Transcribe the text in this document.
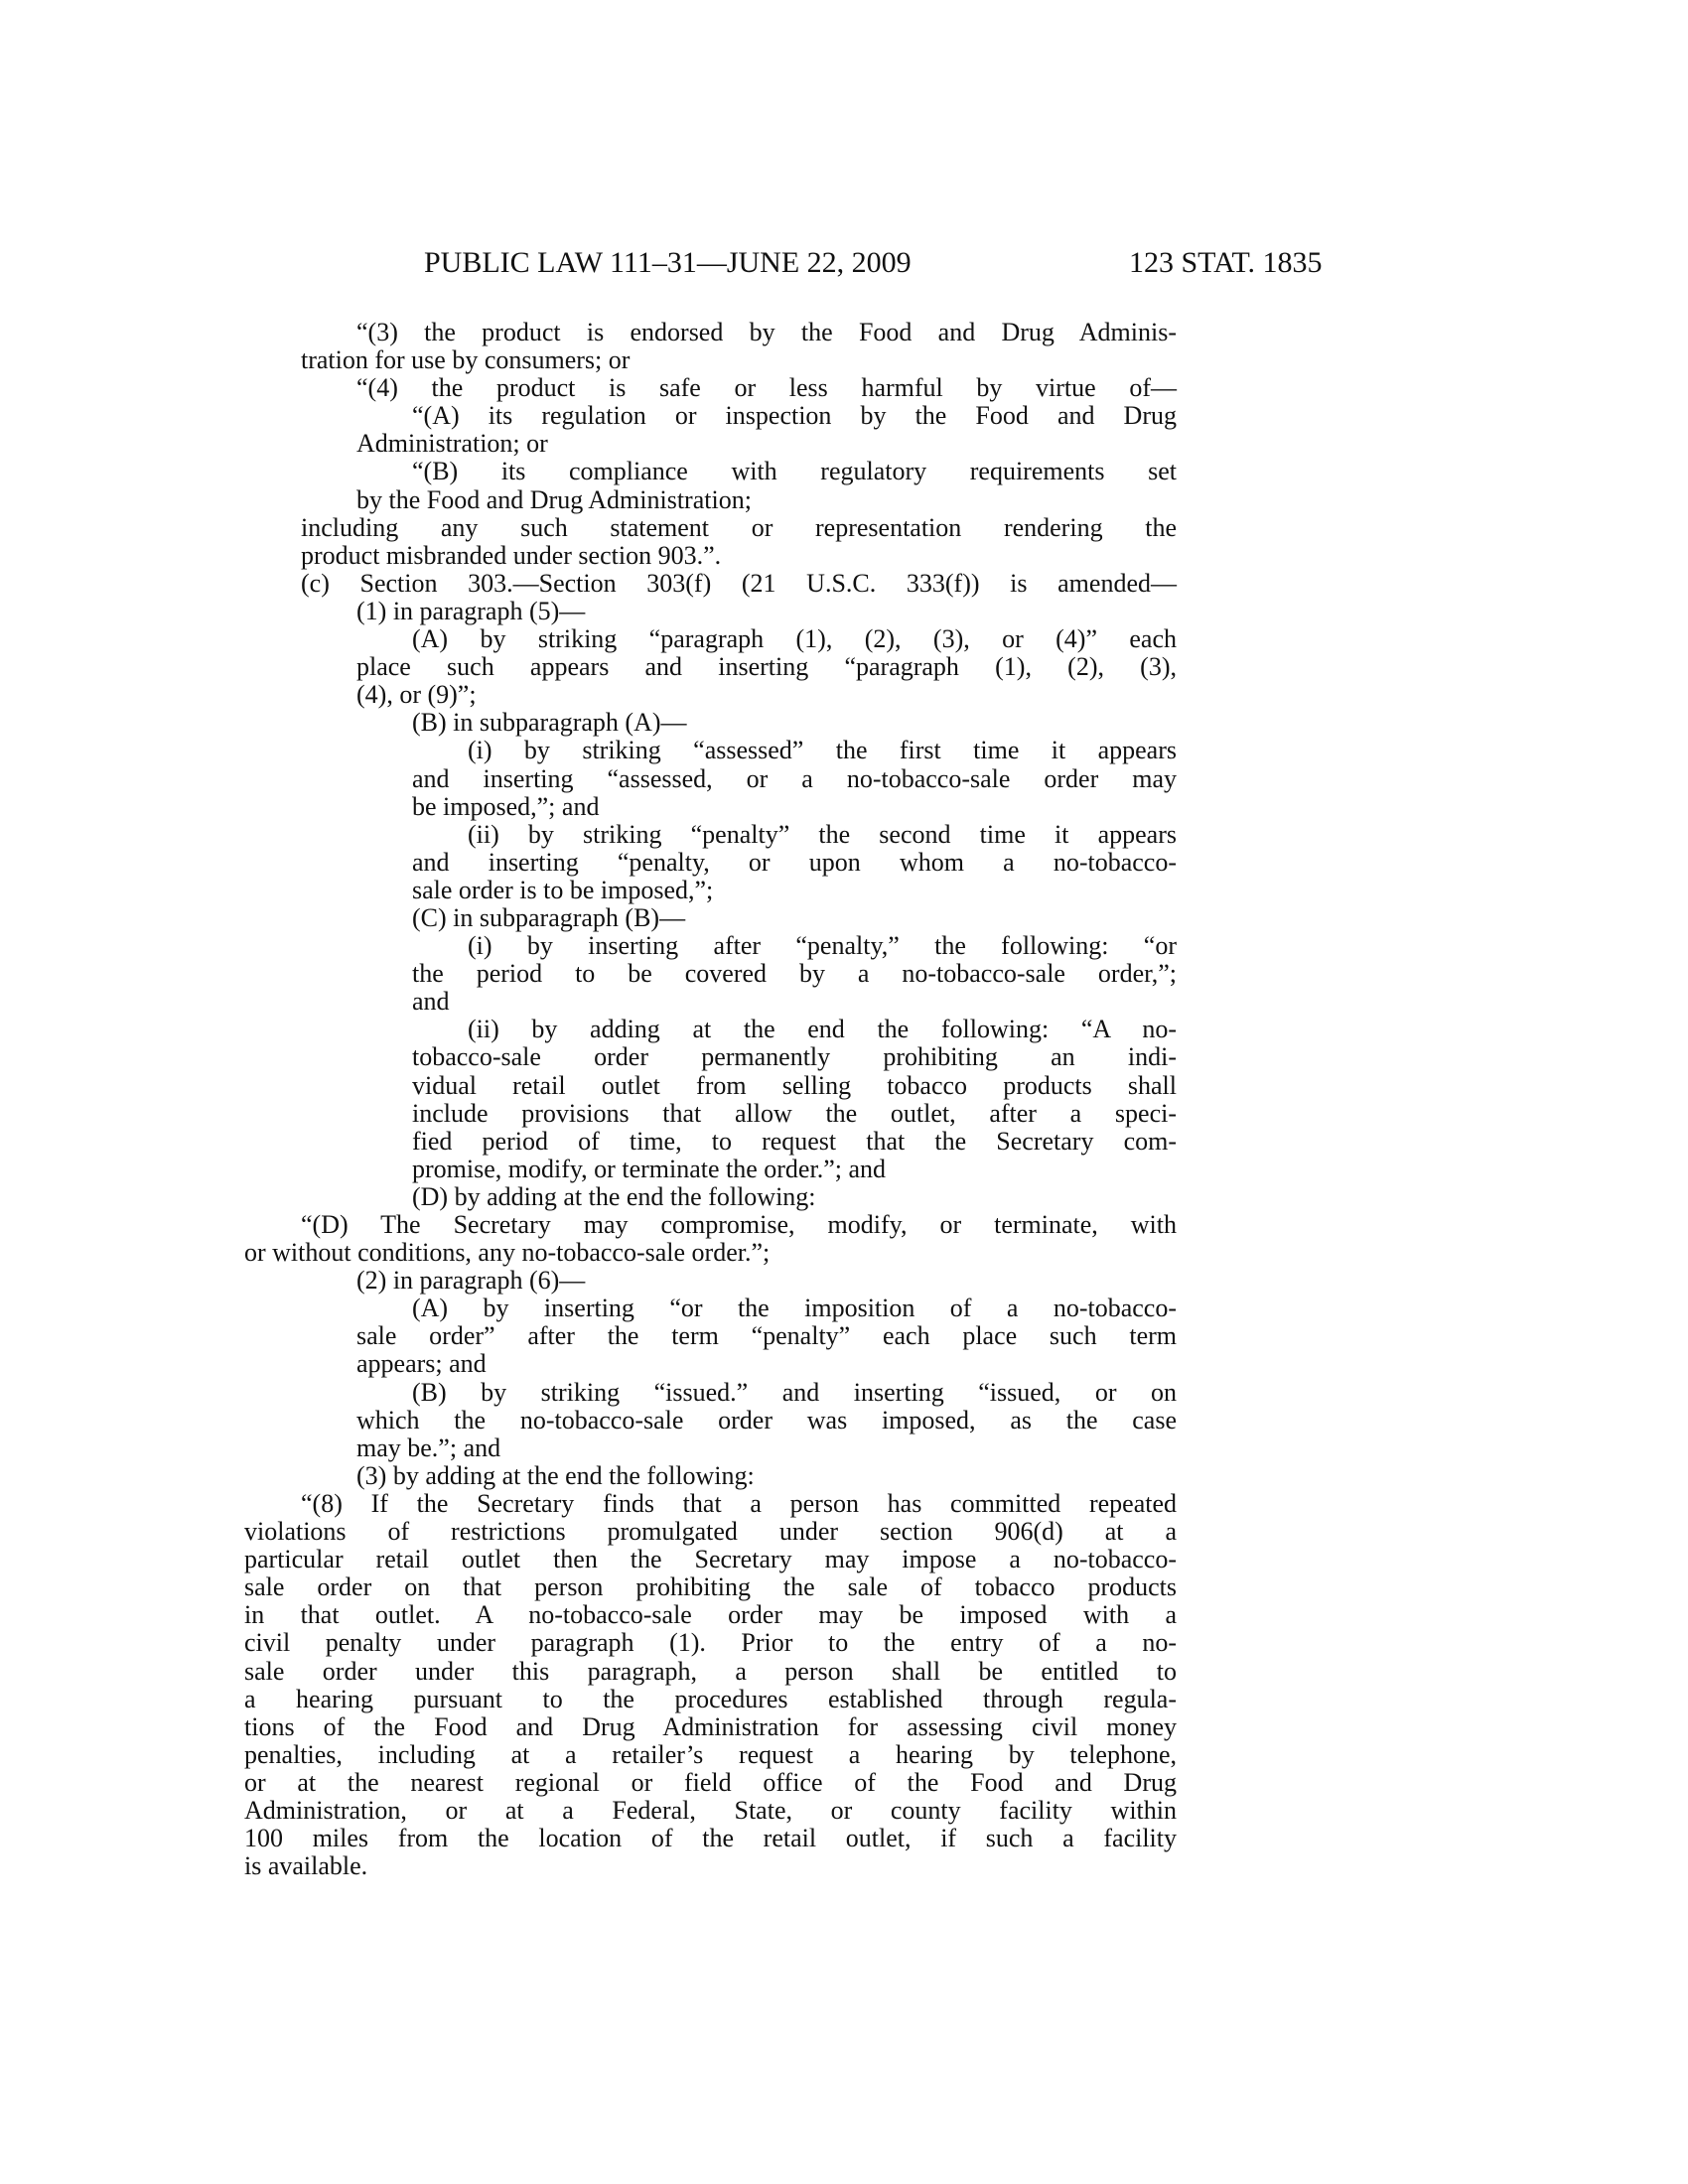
PUBLIC LAW 111–31—JUNE 22, 2009	123 STAT. 1835
“(3) the product is endorsed by the Food and Drug Adminis-
tration for use by consumers; or
“(4) the product is safe or less harmful by virtue of—
“(A) its regulation or inspection by the Food and Drug
Administration; or
“(B) its compliance with regulatory requirements set
by the Food and Drug Administration;
including any such statement or representation rendering the
product misbranded under section 903.”.
(c) Section 303.—Section 303(f) (21 U.S.C. 333(f)) is amended—
(1) in paragraph (5)—
(A) by striking “paragraph (1), (2), (3), or (4)” each
place such appears and inserting “paragraph (1), (2), (3),
(4), or (9)”;
(B) in subparagraph (A)—
(i) by striking “assessed” the first time it appears
and inserting “assessed, or a no-tobacco-sale order may
be imposed,”; and
(ii) by striking “penalty” the second time it appears
and inserting “penalty, or upon whom a no-tobacco-
sale order is to be imposed,”;
(C) in subparagraph (B)—
(i) by inserting after “penalty,” the following: “or
the period to be covered by a no-tobacco-sale order,”;
and
(ii) by adding at the end the following: “A no-
tobacco-sale order permanently prohibiting an indi-
vidual retail outlet from selling tobacco products shall
include provisions that allow the outlet, after a speci-
fied period of time, to request that the Secretary com-
promise, modify, or terminate the order.”; and
(D) by adding at the end the following:
“(D) The Secretary may compromise, modify, or terminate, with
or without conditions, any no-tobacco-sale order.”;
(2) in paragraph (6)—
(A) by inserting “or the imposition of a no-tobacco-
sale order” after the term “penalty” each place such term
appears; and
(B) by striking “issued.” and inserting “issued, or on
which the no-tobacco-sale order was imposed, as the case
may be.”; and
(3) by adding at the end the following:
“(8) If the Secretary finds that a person has committed repeated
violations of restrictions promulgated under section 906(d) at a
particular retail outlet then the Secretary may impose a no-tobacco-
sale order on that person prohibiting the sale of tobacco products
in that outlet. A no-tobacco-sale order may be imposed with a
civil penalty under paragraph (1). Prior to the entry of a no-
sale order under this paragraph, a person shall be entitled to
a hearing pursuant to the procedures established through regula-
tions of the Food and Drug Administration for assessing civil money
penalties, including at a retailer’s request a hearing by telephone,
or at the nearest regional or field office of the Food and Drug
Administration, or at a Federal, State, or county facility within
100 miles from the location of the retail outlet, if such a facility
is available.
